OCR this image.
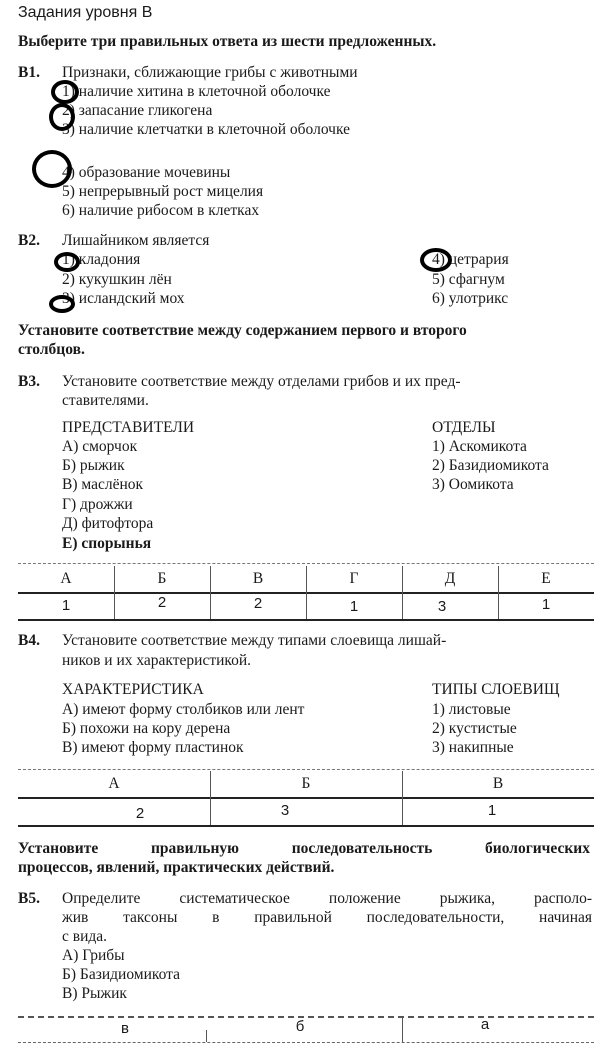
Задания уровня В
Выберите три правильных ответа из шести предложенных.
В1. Признаки, сближающие грибы с животными
1) наличие хитина в клеточной оболочке
2) запасание гликогена
3) наличие клетчатки в клеточной оболочке
4) образование мочевины
5) непрерывный рост мицелия
6) наличие рибосом в клетках
В2. Лишайником является
1) кладония
2) кукушкин лён
3) исландский мох
4) цетрария
5) сфагнум
6) улотрикс
Установите соответствие между содержанием первого и второго
столбцов.
В3. Установите соответствие между отделами грибов и их пред-
ставителями.
ПРЕДСТАВИТЕЛИ
А) сморчок
Б) рыжик
В) маслёнок
Г) дрожжи
Д) фитофтора
Е) спорынья
ОТДЕЛЫ
1) Аскомикота
2) Базидиомикота
3) Оомикота
А	Б	В	Г	Д	Е
1	2	2	1	3	1
В4. Установите соответствие между типами слоевища лишай-
ников и их характеристикой.
ХАРАКТЕРИСТИКА
А) имеют форму столбиков или лент
Б) похожи на кору дерена
В) имеют форму пластинок
ТИПЫ СЛОЕВИЩ
1) листовые
2) кустистые
3) накипные
А	Б	В
2	3	1
Установите правильную последовательность биологических
процессов, явлений, практических действий.
В5. Определите систематическое положение рыжика, располо-
жив таксоны в правильной последовательности, начиная
с вида.
А) Грибы
Б) Базидиомикота
В) Рыжик
в	б	а
